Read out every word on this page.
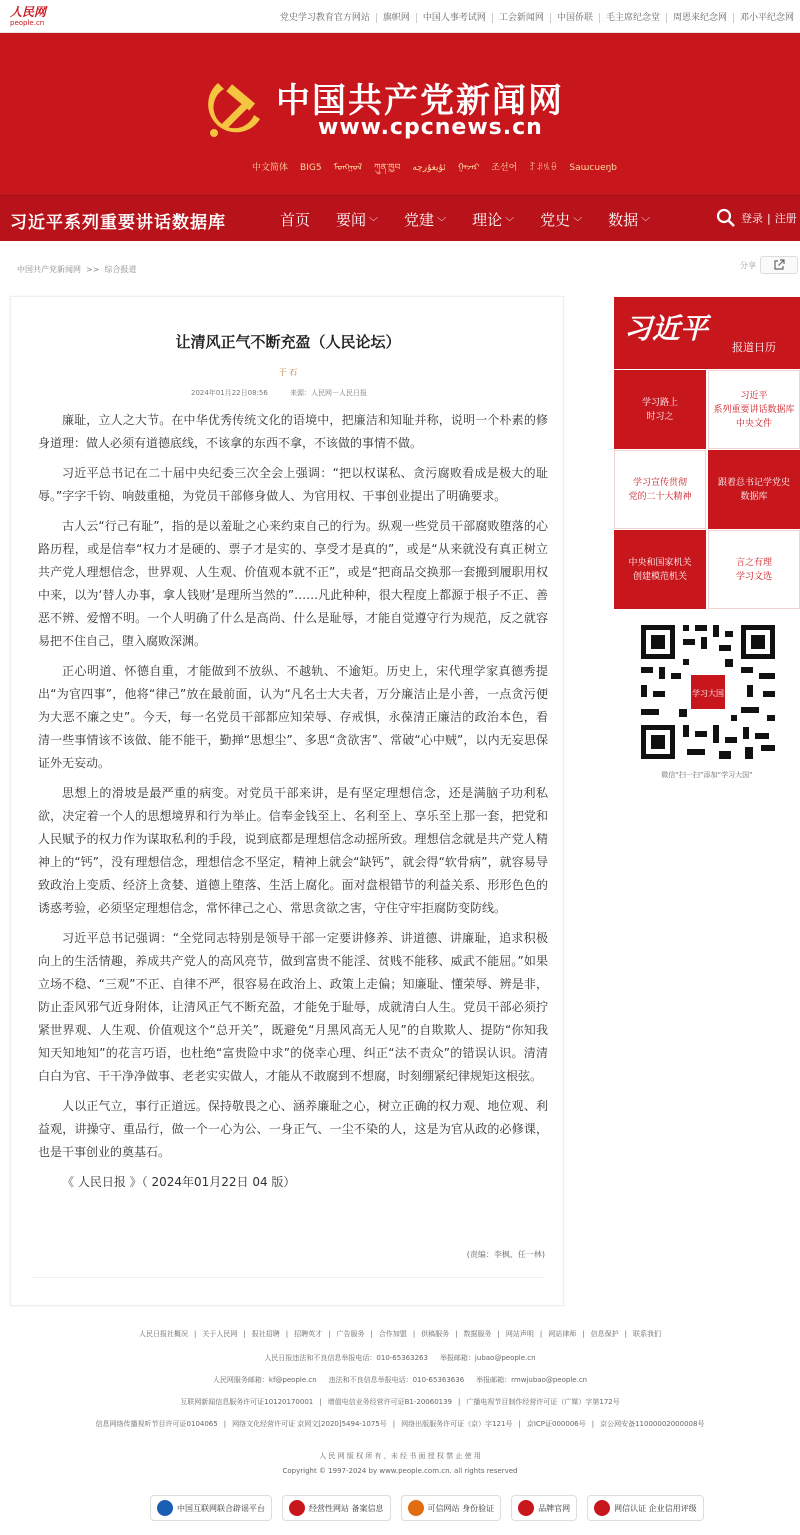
人民网
people.cn	党史学习教育官方网站 旗帜网 中国人事考试网 工会新闻网 中国侨联 毛主席纪念堂 周恩来纪念网 邓小平纪念网
中国共产党新闻网
www.cpcnews.cn
中文简体 BIG5 ᠮᠣᠩᠭᠣᠯ ཀུན་ཁྱབ ئۇيغۇرچە ᠭᠠᠵᠠᠷ 조선어 ꆈꌠꁱꂷ Saɯcueŋƅ
习近平系列重要讲话数据库	首页 要闻 ﹀ 党建 ﹀ 理论 ﹀ 党史 ﹀ 数据 ﹀	登录 | 注册
中国共产党新闻网 >> 综合报道	分享
让清风正气不断充盈（人民论坛）
于 石
2024年01月22日08:56	来源：人民网－人民日报

廉耻，立人之大节。在中华优秀传统文化的语境中，把廉洁和知耻并称，说明一个朴素的修身道理：做人必须有道德底线，不该拿的东西不拿，不该做的事情不做。

习近平总书记在二十届中央纪委三次全会上强调：“把以权谋私、贪污腐败看成是极大的耻辱。”字字千钧、响鼓重槌，为党员干部修身做人、为官用权、干事创业提出了明确要求。

古人云“行己有耻”，指的是以羞耻之心来约束自己的行为。纵观一些党员干部腐败堕落的心路历程，或是信奉“权力才是硬的、票子才是实的、享受才是真的”，或是“从来就没有真正树立共产党人理想信念，世界观、人生观、价值观本就不正”，或是“把商品交换那一套搬到履职用权中来，以为‘替人办事，拿人钱财’是理所当然的”……凡此种种，很大程度上都源于根子不正、善恶不辨、爱憎不明。一个人明确了什么是高尚、什么是耻辱，才能自觉遵守行为规范，反之就容易把不住自己，堕入腐败深渊。

正心明道、怀德自重，才能做到不放纵、不越轨、不逾矩。历史上，宋代理学家真德秀提出“为官四事”，他将“律己”放在最前面，认为“凡名士大夫者，万分廉洁止是小善，一点贪污便为大恶不廉之史”。今天，每一名党员干部都应知荣辱、存戒惧，永葆清正廉洁的政治本色，看清一些事情该不该做、能不能干，勤掸“思想尘”、多思“贪欲害”、常破“心中贼”，以内无妄思保证外无妄动。

思想上的滑坡是最严重的病变。对党员干部来讲，是有坚定理想信念，还是满脑子功利私欲，决定着一个人的思想境界和行为举止。信奉金钱至上、名利至上、享乐至上那一套，把党和人民赋予的权力作为谋取私利的手段，说到底都是理想信念动摇所致。理想信念就是共产党人精神上的“钙”，没有理想信念，理想信念不坚定，精神上就会“缺钙”，就会得“软骨病”，就容易导致政治上变质、经济上贪婪、道德上堕落、生活上腐化。面对盘根错节的利益关系、形形色色的诱惑考验，必须坚定理想信念，常怀律己之心、常思贪欲之害，守住守牢拒腐防变防线。

习近平总书记强调：“全党同志特别是领导干部一定要讲修养、讲道德、讲廉耻，追求积极向上的生活情趣，养成共产党人的高风亮节，做到富贵不能淫、贫贱不能移、威武不能屈。”如果立场不稳、“三观”不正、自律不严，很容易在政治上、政策上走偏；知廉耻、懂荣辱、辨是非，防止歪风邪气近身附体，让清风正气不断充盈，才能免于耻辱，成就清白人生。党员干部必须拧紧世界观、人生观、价值观这个“总开关”，既避免“月黑风高无人见”的自欺欺人、提防“你知我知天知地知”的花言巧语，也杜绝“富贵险中求”的侥幸心理、纠正“法不责众”的错误认识。清清白白为官、干干净净做事、老老实实做人，才能从不敢腐到不想腐，时刻绷紧纪律规矩这根弦。

人以正气立，事行正道远。保持敬畏之心、涵养廉耻之心，树立正确的权力观、地位观、利益观，讲操守、重品行，做一个一心为公、一身正气、一尘不染的人，这是为官从政的必修课，也是干事创业的奠基石。

《 人民日报 》（ 2024年01月22日 04 版）

(责编：李枫、任一林)
习近平
报道日历
学习路上
时习之
习近平
系列重要讲话数据库
中央文件
学习宣传贯彻
党的二十大精神
跟着总书记学党史
数据库
中央和国家机关
创建模范机关
言之有理
学习文选
学习大国
微信“扫一扫”添加“学习大国”
人民日报社概况 | 关于人民网 | 报社招聘 | 招聘英才 | 广告服务 | 合作加盟 | 供稿服务 | 数据服务 | 网站声明 | 网站律师 | 信息保护 | 联系我们
人民日报违法和不良信息举报电话：010-65363263 举报邮箱：jubao@people.cn
人民网服务邮箱：kf@people.cn 违法和不良信息举报电话：010-65363636 举报邮箱：rmwjubao@people.cn
互联网新闻信息服务许可证10120170001 | 增值电信业务经营许可证B1-20060139 | 广播电视节目制作经营许可证（广媒）字第172号
信息网络传播视听节目许可证0104065 | 网络文化经营许可证 京网文[2020]5494-1075号 | 网络出版服务许可证（京）字121号 | 京ICP证000006号 | 京公网安备11000002000008号
人 民 网 版 权 所 有 ，未 经 书 面 授 权 禁 止 使 用
Copyright © 1997-2024 by www.people.com.cn. all rights reserved
中国互联网联合辟谣平台	经营性网站 备案信息	可信网站 身份验证	品牌官网	网信认证 企业信用评级
